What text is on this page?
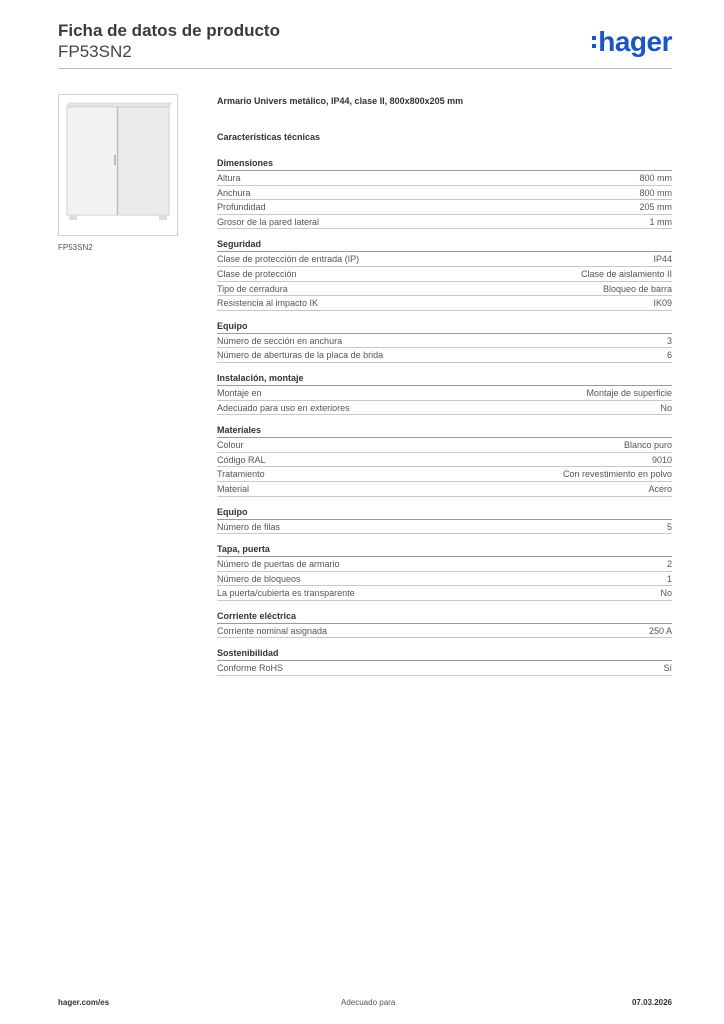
Ficha de datos de producto
FP53SN2	hager
FP53SN2
Armario Univers metálico, IP44, clase II, 800x800x205 mm
Características técnicas
Dimensiones
Altura	800 mm
Anchura	800 mm
Profundidad	205 mm
Grosor de la pared lateral	1 mm
Seguridad
Clase de protección de entrada (IP)	IP44
Clase de protección	Clase de aislamiento II
Tipo de cerradura	Bloqueo de barra
Resistencia al impacto IK	IK09
Equipo
Número de sección en anchura	3
Número de aberturas de la placa de brida	6
Instalación, montaje
Montaje en	Montaje de superficie
Adecuado para uso en exteriores	No
Materiales
Colour	Blanco puro
Código RAL	9010
Tratamiento	Con revestimiento en polvo
Material	Acero
Equipo
Número de filas	5
Tapa, puerta
Número de puertas de armario	2
Número de bloqueos	1
La puerta/cubierta es transparente	No
Corriente eléctrica
Corriente nominal asignada	250 A
Sostenibilidad
Conforme RoHS	Sí
hager.com/es	Adecuado para	07.03.2026
